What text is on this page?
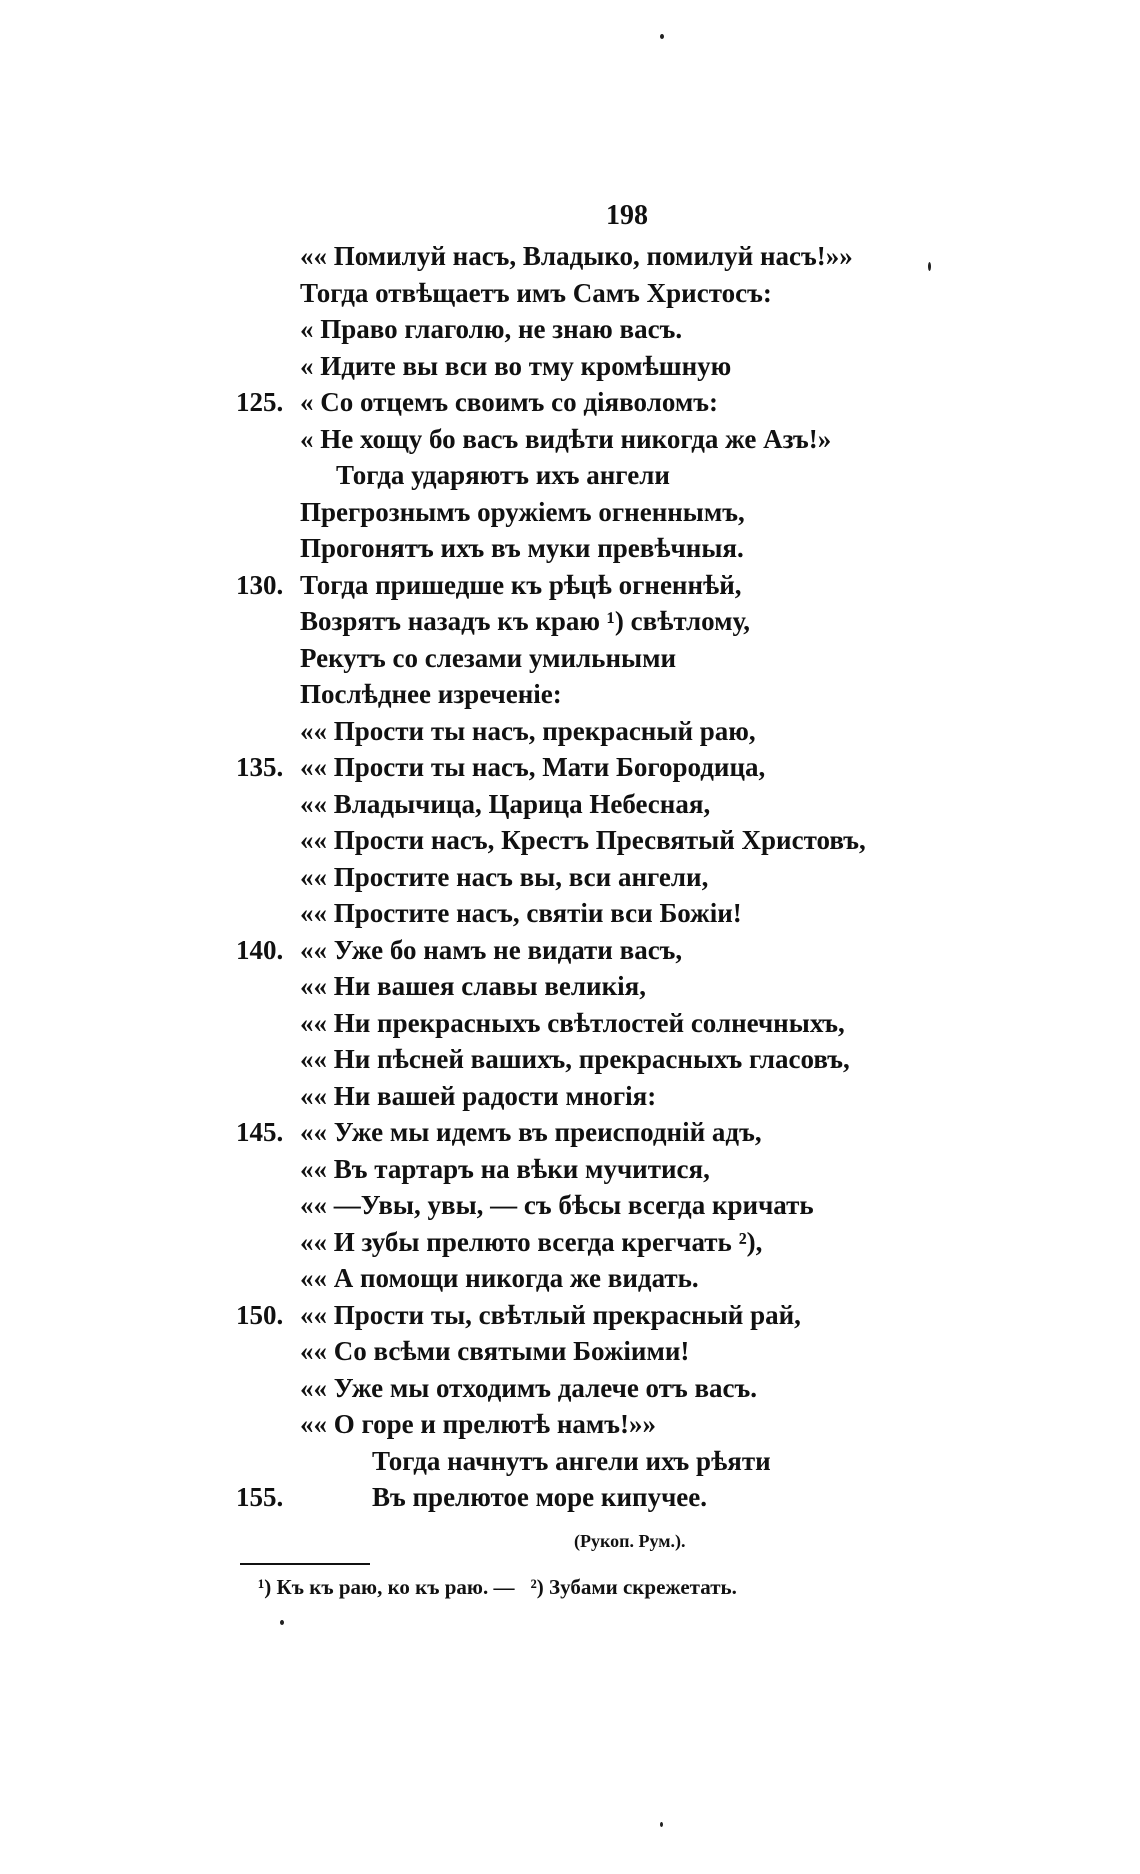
198
«« Помилуй насъ, Владыко, помилуй насъ!»»
Тогда отвѣщаетъ имъ Самъ Христосъ:
« Право глаголю, не знаю васъ.
« Идите вы вси во тму кромѣшную
125. « Со отцемъ своимъ со діяволомъ:
« Не хощу бо васъ видѣти никогда же Азъ!»
Тогда ударяютъ ихъ ангели
Прегрознымъ оружіемъ огненнымъ,
Прогонятъ ихъ въ муки превѣчныя.
130. Тогда пришедше къ рѣцѣ огненнѣй,
Возрятъ назадъ къ краю ¹) свѣтлому,
Рекутъ со слезами умильными
Послѣднее изреченіе:
«« Прости ты насъ, прекрасный раю,
135. «« Прости ты насъ, Мати Богородица,
«« Владычица, Царица Небесная,
«« Прости насъ, Крестъ Пресвятый Христовъ,
«« Простите насъ вы, вси ангели,
«« Простите насъ, святіи вси Божіи!
140. «« Уже бо намъ не видати васъ,
«« Ни вашея славы великія,
«« Ни прекрасныхъ свѣтлостей солнечныхъ,
«« Ни пѣсней вашихъ, прекрасныхъ гласовъ,
«« Ни вашей радости многія:
145. «« Уже мы идемъ въ преисподній адъ,
«« Въ тартаръ на вѣки мучитися,
«« —Увы, увы, — съ бѣсы всегда кричать
«« И зубы прелюто всегда крегчать ²),
«« А помощи никогда же видать.
150. «« Прости ты, свѣтлый прекрасный рай,
«« Со всѣми святыми Божіими!
«« Уже мы отходимъ далече отъ васъ.
«« О горе и прелютѣ намъ!»»
Тогда начнутъ ангели ихъ рѣяти
155.	Въ прелютое море кипучее.
(Рукоп. Рум.).
¹) Къ къ раю, ко къ раю. — ²) Зубами скрежетать.
